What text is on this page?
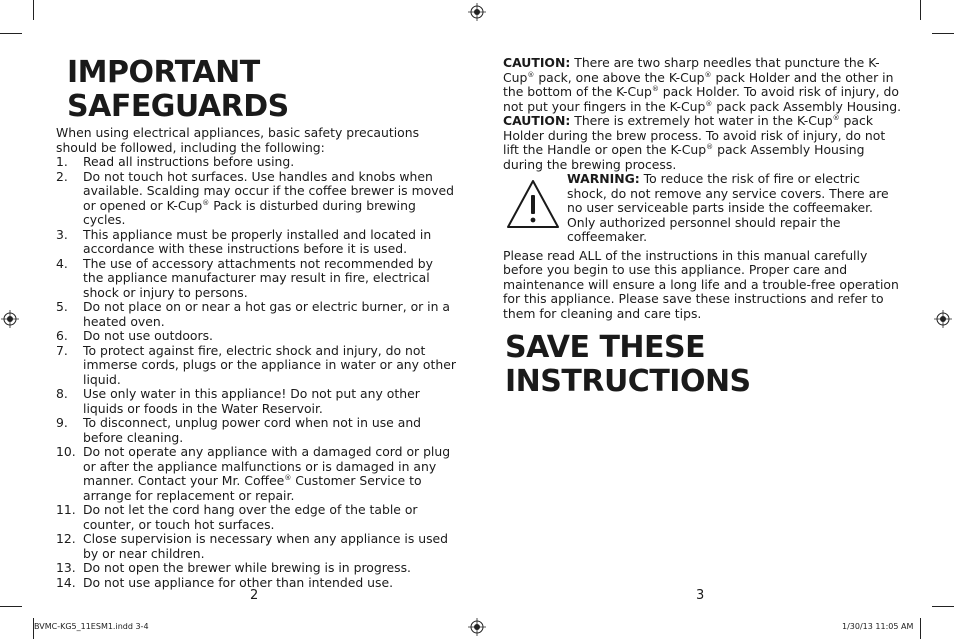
IMPORTANT SAFEGUARDS
When using electrical appliances, basic safety precautions should be followed, including the following:
1. Read all instructions before using.
2. Do not touch hot surfaces. Use handles and knobs when available. Scalding may occur if the coffee brewer is moved or opened or K-Cup® Pack is disturbed during brewing cycles.
3. This appliance must be properly installed and located in accordance with these instructions before it is used.
4. The use of accessory attachments not recommended by the appliance manufacturer may result in fire, electrical shock or injury to persons.
5. Do not place on or near a hot gas or electric burner, or in a heated oven.
6. Do not use outdoors.
7. To protect against fire, electric shock and injury, do not immerse cords, plugs or the appliance in water or any other liquid.
8. Use only water in this appliance! Do not put any other liquids or foods in the Water Reservoir.
9. To disconnect, unplug power cord when not in use and before cleaning.
10. Do not operate any appliance with a damaged cord or plug or after the appliance malfunctions or is damaged in any manner. Contact your Mr. Coffee® Customer Service to arrange for replacement or repair.
11. Do not let the cord hang over the edge of the table or counter, or touch hot surfaces.
12. Close supervision is necessary when any appliance is used by or near children.
13. Do not open the brewer while brewing is in progress.
14. Do not use appliance for other than intended use.
CAUTION: There are two sharp needles that puncture the K-Cup® pack, one above the K-Cup® pack Holder and the other in the bottom of the K-Cup® pack Holder. To avoid risk of injury, do not put your fingers in the K-Cup® pack pack Assembly Housing.
CAUTION: There is extremely hot water in the K-Cup® pack Holder during the brew process. To avoid risk of injury, do not lift the Handle or open the K-Cup® pack Assembly Housing during the brewing process.
WARNING: To reduce the risk of fire or electric shock, do not remove any service covers. There are no user serviceable parts inside the coffeemaker. Only authorized personnel should repair the coffeemaker.
Please read ALL of the instructions in this manual carefully before you begin to use this appliance. Proper care and maintenance will ensure a long life and a trouble-free operation for this appliance. Please save these instructions and refer to them for cleaning and care tips.
SAVE THESE INSTRUCTIONS
2	3
BVMC-KG5_11ESM1.indd 3-4	1/30/13 11:05 AM
